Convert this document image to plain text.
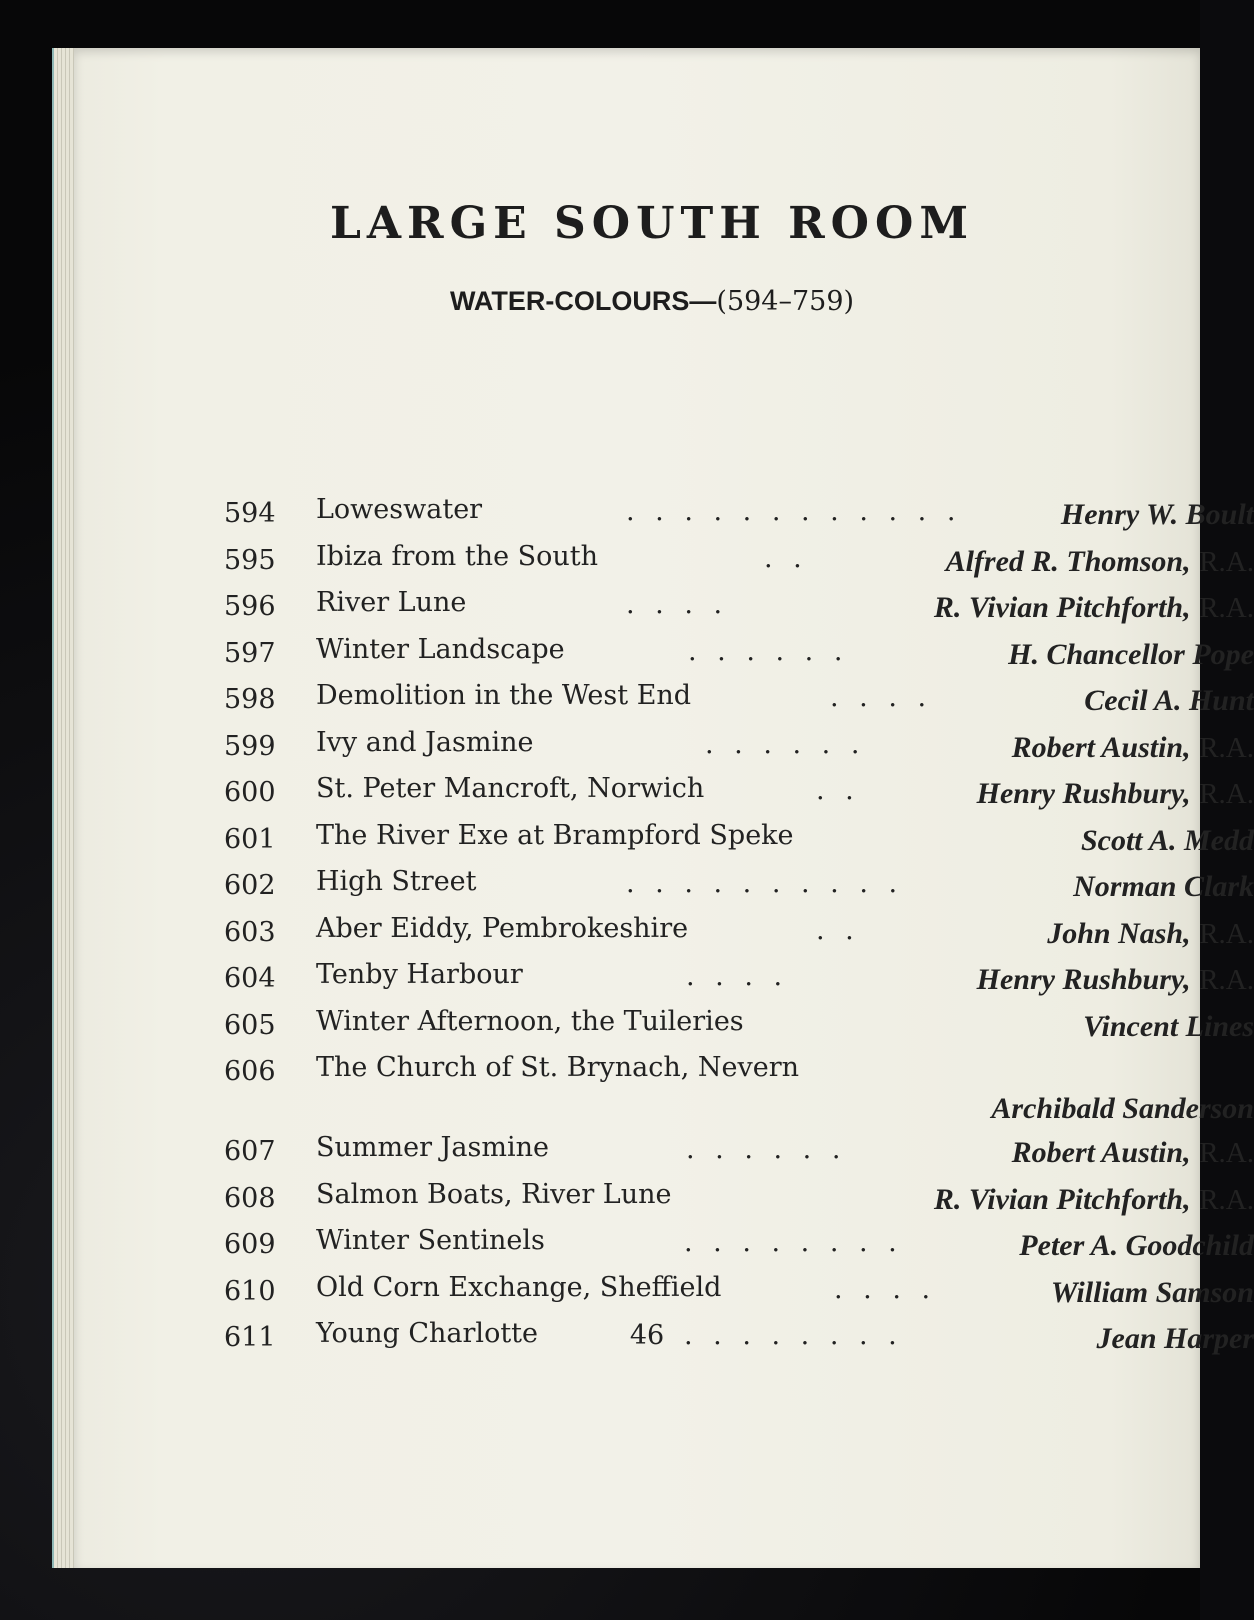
LARGE SOUTH ROOM
WATER-COLOURS—(594–759)
594	Loweswater	. . . . . . . . . . . .	Henry W. Boult
595	Ibiza from the South	. .	Alfred R. Thomson, R.A.
596	River Lune	. . . .	R. Vivian Pitchforth, R.A.
597	Winter Landscape	. . . . . .	H. Chancellor Pope
598	Demolition in the West End	. . . .	Cecil A. Hunt
599	Ivy and Jasmine	. . . . . .	Robert Austin, R.A.
600	St. Peter Mancroft, Norwich	. .	Henry Rushbury, R.A.
601	The River Exe at Brampford Speke	Scott A. Medd
602	High Street	. . . . . . . . . .	Norman Clark
603	Aber Eiddy, Pembrokeshire	. .	John Nash, R.A.
604	Tenby Harbour	. . . .	Henry Rushbury, R.A.
605	Winter Afternoon, the Tuileries	Vincent Lines
606	The Church of St. Brynach, Nevern
Archibald Sanderson
607	Summer Jasmine	. . . . . .	Robert Austin, R.A.
608	Salmon Boats, River Lune	R. Vivian Pitchforth, R.A.
609	Winter Sentinels	. . . . . . . .	Peter A. Goodchild
610	Old Corn Exchange, Sheffield	. . . .	William Samson
611	Young Charlotte	. . . . . . . .	Jean Harper
46
